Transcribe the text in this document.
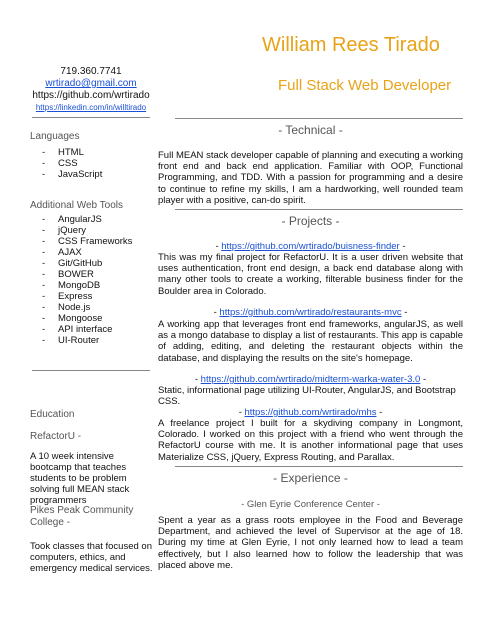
William Rees Tirado
Full Stack Web Developer
719.360.7741
wrtirado@gmail.com
https://github.com/wrtirado
https://linkedin.com/in/willtirado
Languages
- HTML
- CSS
- JavaScript
Additional Web Tools
- AngularJS
- jQuery
- CSS Frameworks
- AJAX
- Git/GitHub
- BOWER
- MongoDB
- Express
- Node.js
- Mongoose
- API interface
- UI-Router
Education
RefactorU -
A 10 week intensive bootcamp that teaches students to be problem solving full MEAN stack programmers
Pikes Peak Community College -
Took classes that focused on computers, ethics, and emergency medical services.
- Technical -
Full MEAN stack developer capable of planning and executing a working front end and back end application. Familiar with OOP, Functional Programming, and TDD. With a passion for programming and a desire to continue to refine my skills, I am a hardworking, well rounded team player with a positive, can-do spirit.
- Projects -
- https://github.com/wrtirado/buisness-finder -
This was my final project for RefactorU. It is a user driven website that uses authentication, front end design, a back end database along with many other tools to create a working, filterable business finder for the Boulder area in Colorado.
- https://github.com/wrtirado/restaurants-mvc -
A working app that leverages front end frameworks, angularJS, as well as a mongo database to display a list of restaurants. This app is capable of adding, editing, and deleting the restaurant objects within the database, and displaying the results on the site's homepage.
- https://github.com/wrtirado/midterm-warka-water-3.0 -
Static, informational page utilizing UI-Router, AngularJS, and Bootstrap CSS.
- https://github.com/wrtirado/mhs -
A freelance project I built for a skydiving company in Longmont, Colorado. I worked on this project with a friend who went through the RefactorU course with me. It is another informational page that uses Materialize CSS, jQuery, Express Routing, and Parallax.
- Experience -
- Glen Eyrie Conference Center -
Spent a year as a grass roots employee in the Food and Beverage Department, and achieved the level of Supervisor at the age of 18. During my time at Glen Eyrie, I not only learned how to lead a team effectively, but I also learned how to follow the leadership that was placed above me.
